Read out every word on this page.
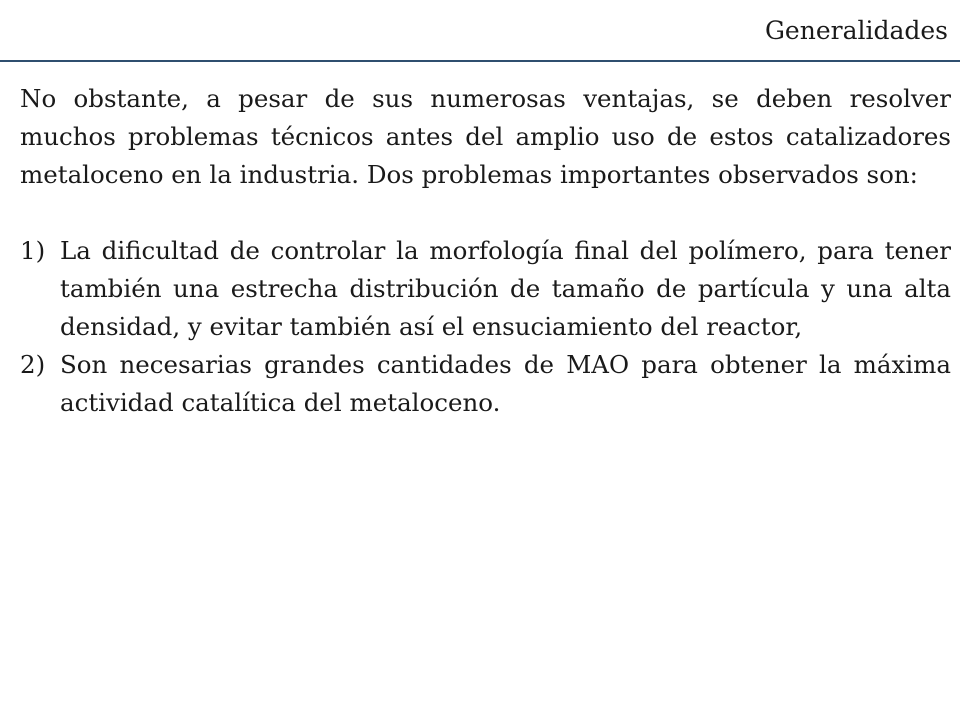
Generalidades

No obstante, a pesar de sus numerosas ventajas, se deben resolver muchos problemas técnicos antes del amplio uso de estos catalizadores metaloceno en la industria. Dos problemas importantes observados son:

1) La dificultad de controlar la morfología final del polímero, para tener también una estrecha distribución de tamaño de partícula y una alta densidad, y evitar también así el ensuciamiento del reactor,
2) Son necesarias grandes cantidades de MAO para obtener la máxima actividad catalítica del metaloceno.
